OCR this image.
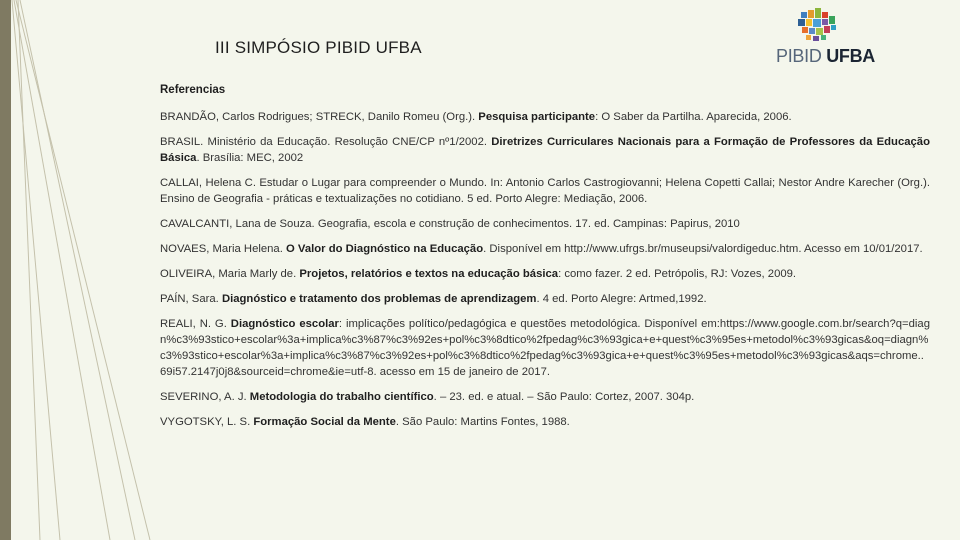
III SIMPÓSIO PIBID UFBA	PIBID UFBA
Referencias

BRANDÃO, Carlos Rodrigues; STRECK, Danilo Romeu (Org.). Pesquisa participante: O Saber da Partilha. Aparecida, 2006.

BRASIL. Ministério da Educação. Resolução CNE/CP nº1/2002. Diretrizes Curriculares Nacionais para a Formação de Professores da Educação Básica. Brasília: MEC, 2002

CALLAI, Helena C. Estudar o Lugar para compreender o Mundo. In: Antonio Carlos Castrogiovanni; Helena Copetti Callai; Nestor Andre Karecher (Org.). Ensino de Geografia - práticas e textualizações no cotidiano. 5 ed. Porto Alegre: Mediação, 2006.

CAVALCANTI, Lana de Souza. Geografia, escola e construção de conhecimentos. 17. ed. Campinas: Papirus, 2010

NOVAES, Maria Helena. O Valor do Diagnóstico na Educação. Disponível em http://www.ufrgs.br/museupsi/valordigeduc.htm. Acesso em 10/01/2017.

OLIVEIRA, Maria Marly de. Projetos, relatórios e textos na educação básica: como fazer. 2 ed. Petrópolis, RJ: Vozes, 2009.

PAÍN, Sara. Diagnóstico e tratamento dos problemas de aprendizagem. 4 ed. Porto Alegre: Artmed,1992.

REALI, N. G. Diagnóstico escolar: implicações político/pedagógica e questões metodológica. Disponível em:https://www.google.com.br/search?q=diagn%c3%93stico+escolar%3a+implica%c3%87%c3%92es+pol%c3%8dtico%2fpedag%c3%93gica+e+quest%c3%95es+metodol%c3%93gicas&oq=diagn%c3%93stico+escolar%3a+implica%c3%87%c3%92es+pol%c3%8dtico%2fpedag%c3%93gica+e+quest%c3%95es+metodol%c3%93gicas&aqs=chrome..69i57.2147j0j8&sourceid=chrome&ie=utf-8. acesso em 15 de janeiro de 2017.

SEVERINO, A. J. Metodologia do trabalho científico. – 23. ed. e atual. – São Paulo: Cortez, 2007. 304p.

VYGOTSKY, L. S. Formação Social da Mente. São Paulo: Martins Fontes, 1988.
